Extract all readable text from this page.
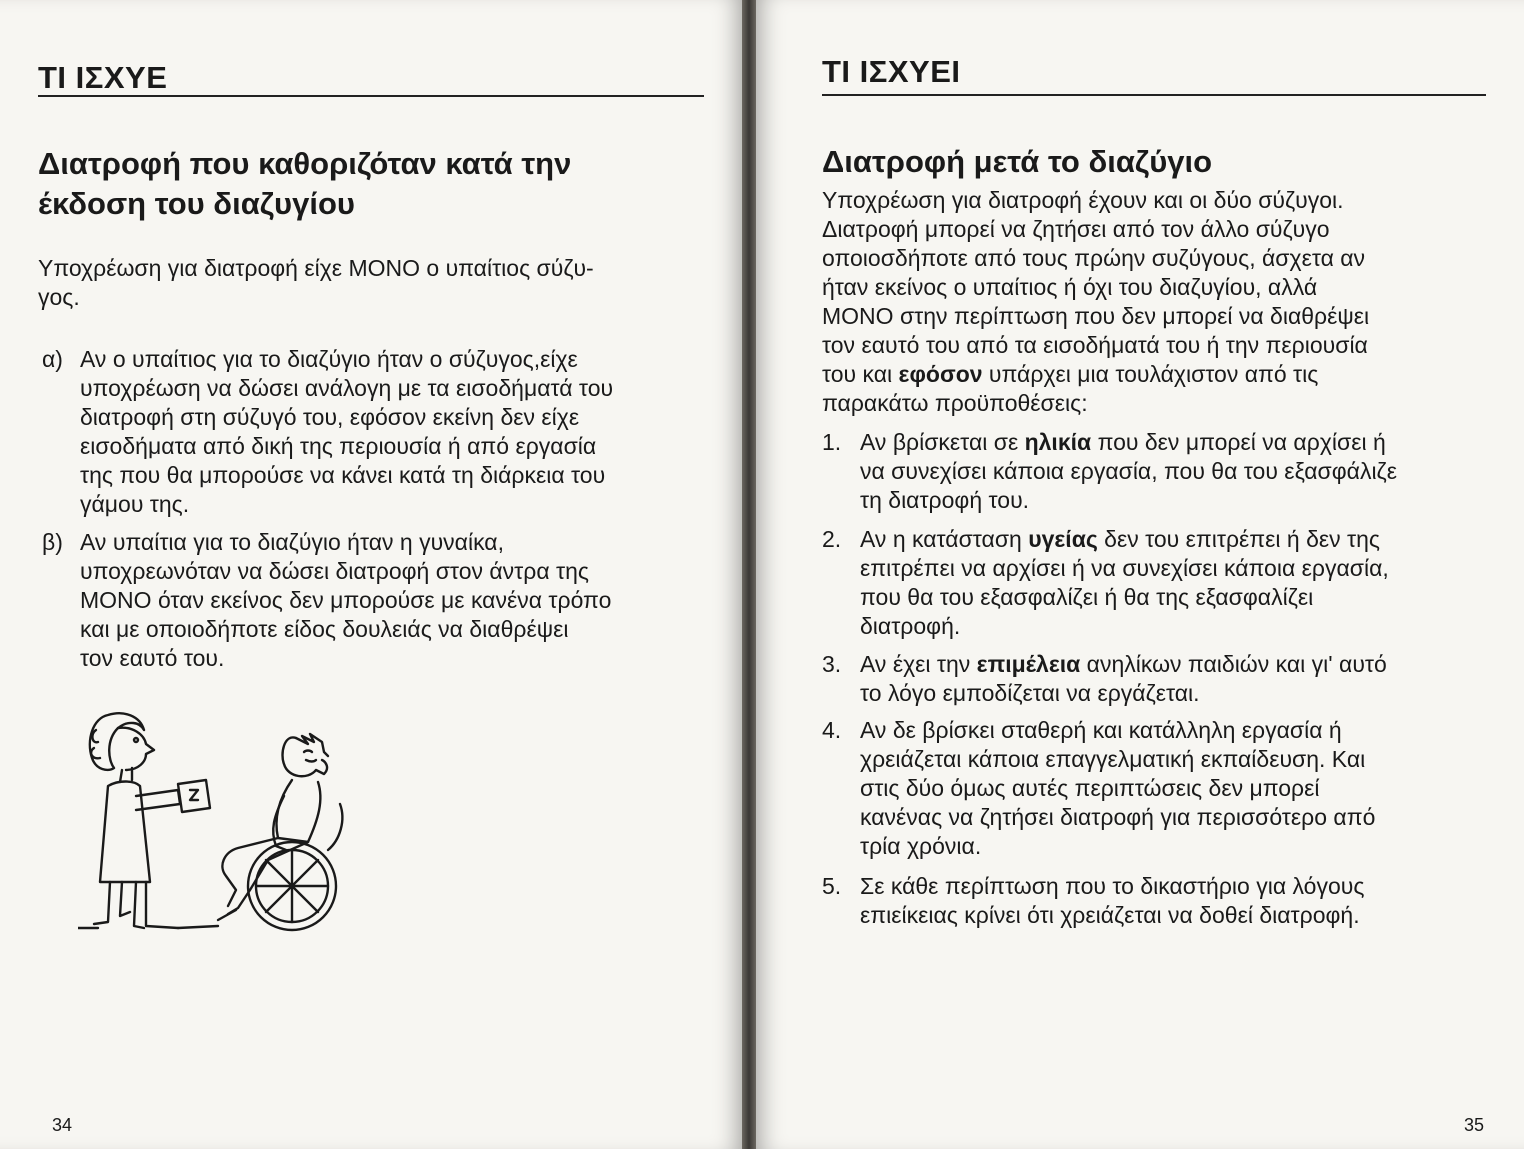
ΤΙ ΙΣΧΥΕ
Διατροφή που καθοριζόταν κατά την
έκδοση του διαζυγίου
Υποχρέωση για διατροφή είχε ΜΟΝΟ ο υπαίτιος σύζυ-
γος.
α) Αν ο υπαίτιος για το διαζύγιο ήταν ο σύζυγος,είχε
υποχρέωση να δώσει ανάλογη με τα εισοδήματά του
διατροφή στη σύζυγό του, εφόσον εκείνη δεν είχε
εισοδήματα από δική της περιουσία ή από εργασία
της που θα μπορούσε να κάνει κατά τη διάρκεια του
γάμου της.
β) Αν υπαίτια για το διαζύγιο ήταν η γυναίκα,
υποχρεωνόταν να δώσει διατροφή στον άντρα της
ΜΟΝΟ όταν εκείνος δεν μπορούσε με κανένα τρόπο
και με οποιοδήποτε είδος δουλειάς να διαθρέψει
τον εαυτό του.
34
ΤΙ ΙΣΧΥΕΙ
Διατροφή μετά το διαζύγιο
Υποχρέωση για διατροφή έχουν και οι δύο σύζυγοι.
Διατροφή μπορεί να ζητήσει από τον άλλο σύζυγο
οποιοσδήποτε από τους πρώην συζύγους, άσχετα αν
ήταν εκείνος ο υπαίτιος ή όχι του διαζυγίου, αλλά
ΜΟΝΟ στην περίπτωση που δεν μπορεί να διαθρέψει
τον εαυτό του από τα εισοδήματά του ή την περιουσία
του και εφόσον υπάρχει μια τουλάχιστον από τις
παρακάτω προϋποθέσεις:
1. Αν βρίσκεται σε ηλικία που δεν μπορεί να αρχίσει ή
να συνεχίσει κάποια εργασία, που θα του εξασφάλιζε
τη διατροφή του.
2. Αν η κατάσταση υγείας δεν του επιτρέπει ή δεν της
επιτρέπει να αρχίσει ή να συνεχίσει κάποια εργασία,
που θα του εξασφαλίζει ή θα της εξασφαλίζει
διατροφή.
3. Αν έχει την επιμέλεια ανηλίκων παιδιών και γι' αυτό
το λόγο εμποδίζεται να εργάζεται.
4. Αν δε βρίσκει σταθερή και κατάλληλη εργασία ή
χρειάζεται κάποια επαγγελματική εκπαίδευση. Και
στις δύο όμως αυτές περιπτώσεις δεν μπορεί
κανένας να ζητήσει διατροφή για περισσότερο από
τρία χρόνια.
5. Σε κάθε περίπτωση που το δικαστήριο για λόγους
επιείκειας κρίνει ότι χρειάζεται να δοθεί διατροφή.
35
